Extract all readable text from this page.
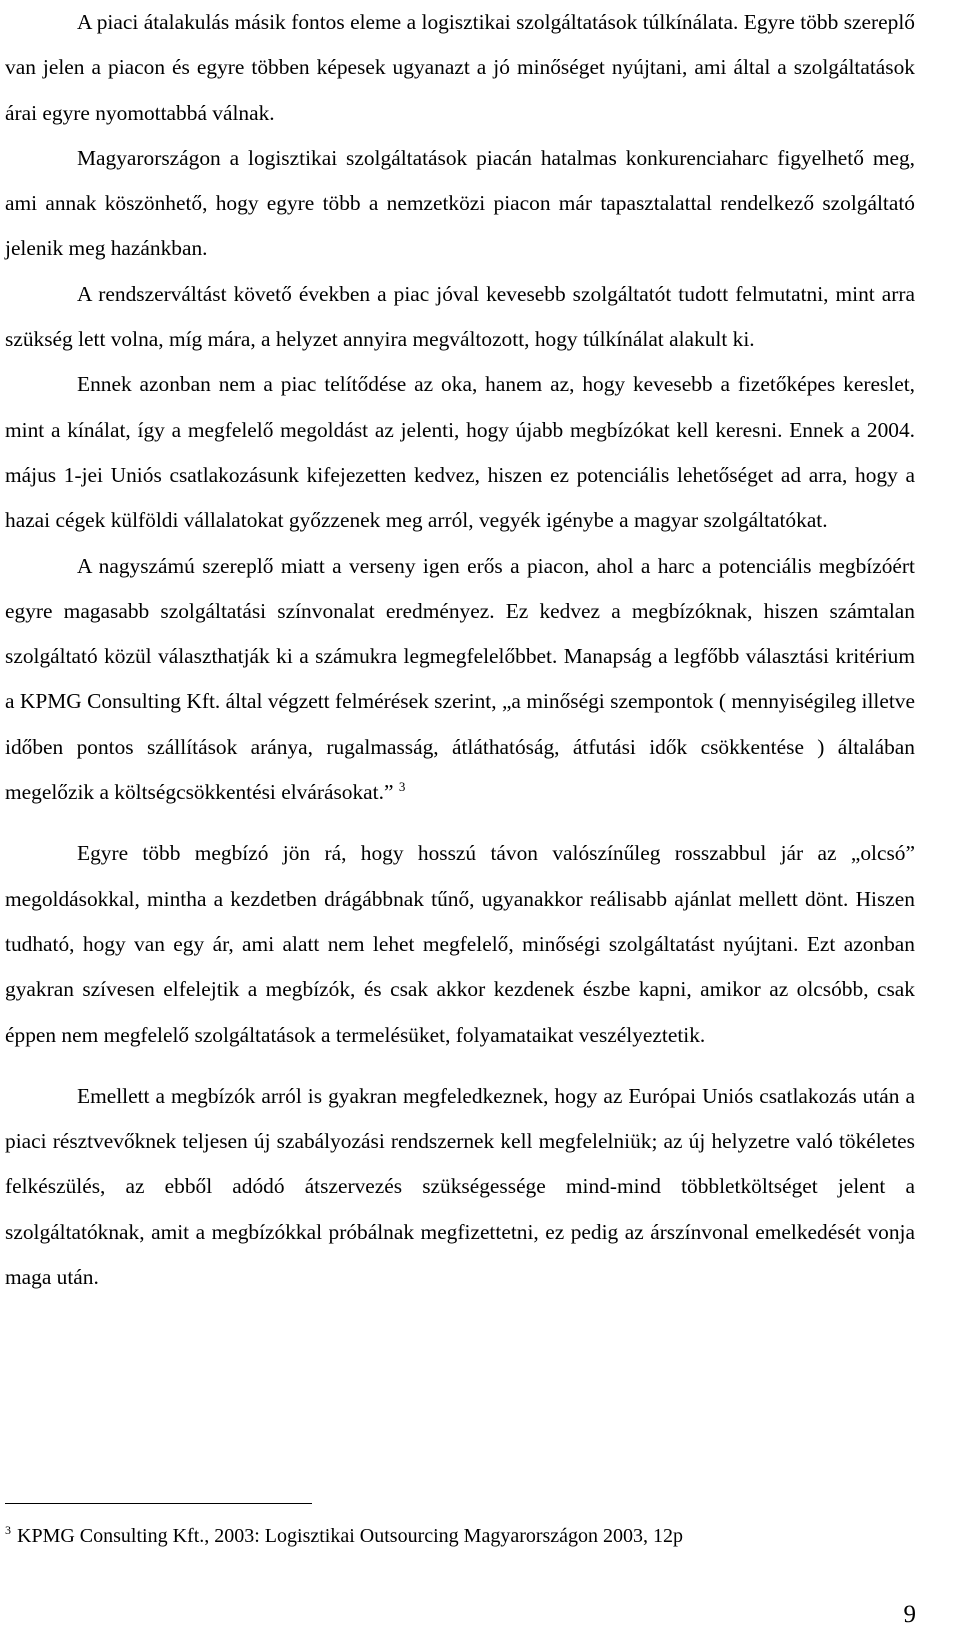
A piaci átalakulás másik fontos eleme a logisztikai szolgáltatások túlkínálata. Egyre több szereplő van jelen a piacon és egyre többen képesek ugyanazt a jó minőséget nyújtani, ami által a szolgáltatások árai egyre nyomottabbá válnak.

Magyarországon a logisztikai szolgáltatások piacán hatalmas konkurenciaharc figyelhető meg, ami annak köszönhető, hogy egyre több a nemzetközi piacon már tapasztalattal rendelkező szolgáltató jelenik meg hazánkban.

A rendszerváltást követő években a piac jóval kevesebb szolgáltatót tudott felmutatni, mint arra szükség lett volna, míg mára, a helyzet annyira megváltozott, hogy túlkínálat alakult ki.

Ennek azonban nem a piac telítődése az oka, hanem az, hogy kevesebb a fizetőképes kereslet, mint a kínálat, így a megfelelő megoldást az jelenti, hogy újabb megbízókat kell keresni. Ennek a 2004. május 1-jei Uniós csatlakozásunk kifejezetten kedvez, hiszen ez potenciális lehetőséget ad arra, hogy a hazai cégek külföldi vállalatokat győzzenek meg arról, vegyék igénybe a magyar szolgáltatókat.

A nagyszámú szereplő miatt a verseny igen erős a piacon, ahol a harc a potenciális megbízóért egyre magasabb szolgáltatási színvonalat eredményez. Ez kedvez a megbízóknak, hiszen számtalan szolgáltató közül választhatják ki a számukra legmegfelelőbbet. Manapság a legfőbb választási kritérium a KPMG Consulting Kft. által végzett felmérések szerint, „a minőségi szempontok ( mennyiségileg illetve időben pontos szállítások aránya, rugalmasság, átláthatóság, átfutási idők csökkentése ) általában megelőzik a költségcsökkentési elvárásokat.” $^3$

Egyre több megbízó jön rá, hogy hosszú távon valószínűleg rosszabbul jár az „olcsó” megoldásokkal, mintha a kezdetben drágábbnak tűnő, ugyanakkor reálisabb ajánlat mellett dönt. Hiszen tudható, hogy van egy ár, ami alatt nem lehet megfelelő, minőségi szolgáltatást nyújtani. Ezt azonban gyakran szívesen elfelejtik a megbízók, és csak akkor kezdenek észbe kapni, amikor az olcsóbb, csak éppen nem megfelelő szolgáltatások a termelésüket, folyamataikat veszélyeztetik.

Emellett a megbízók arról is gyakran megfeledkeznek, hogy az Európai Uniós csatlakozás után a piaci résztvevőknek teljesen új szabályozási rendszernek kell megfelelniük; az új helyzetre való tökéletes felkészülés, az ebből adódó átszervezés szükségessége mind-mind többletköltséget jelent a szolgáltatóknak, amit a megbízókkal próbálnak megfizettetni, ez pedig az árszínvonal emelkedését vonja maga után.

$^3$ KPMG Consulting Kft., 2003: Logisztikai Outsourcing Magyarországon 2003, 12p
9
